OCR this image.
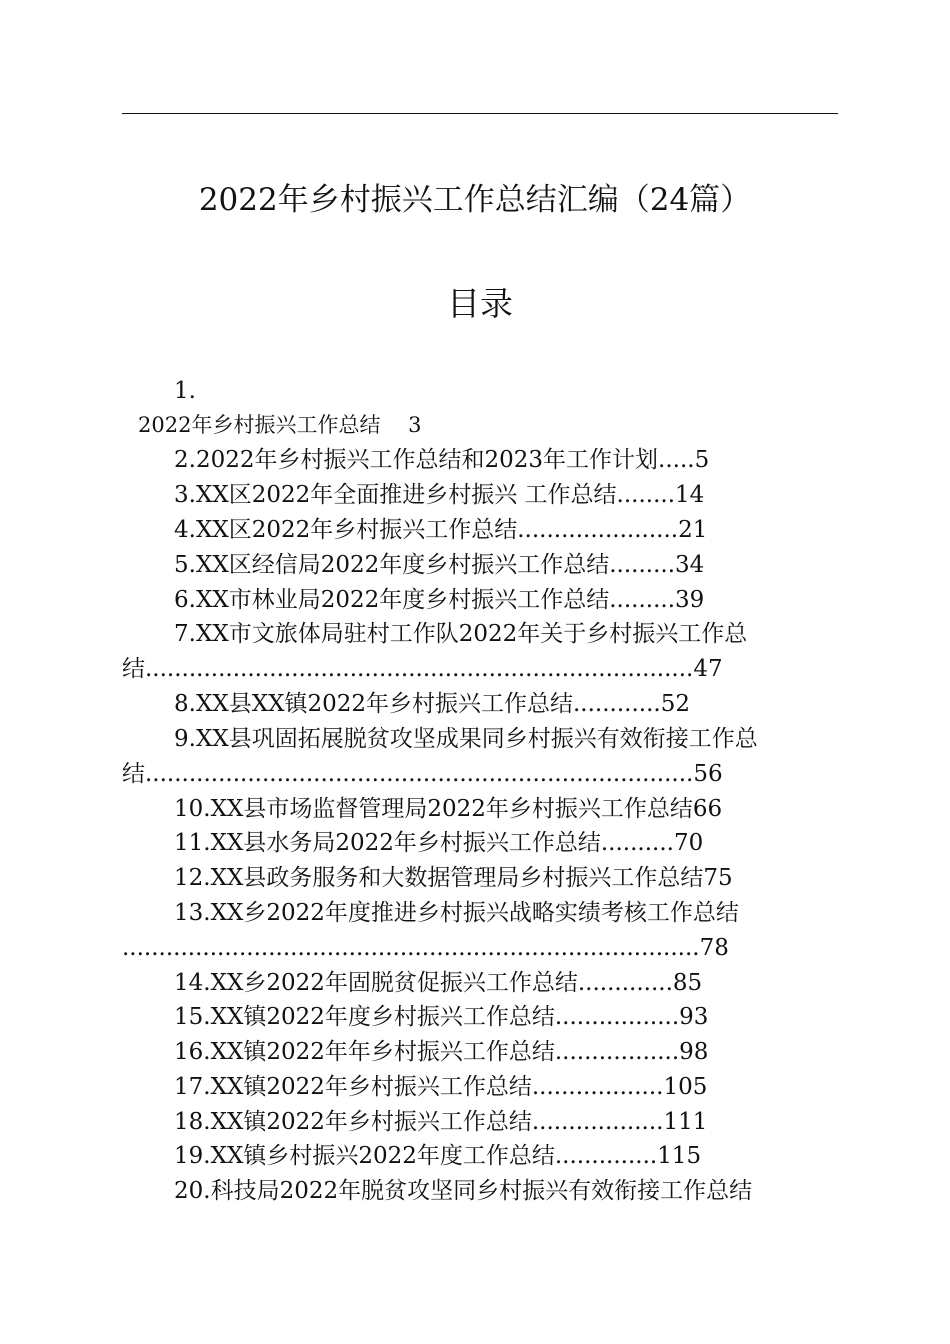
2022年乡村振兴工作总结汇编（24篇）
目录
1.
2022年乡村振兴工作总结　 3
2.2022年乡村振兴工作总结和2023年工作计划.....5
3.XX区2022年全面推进乡村振兴 工作总结........14
4.XX区2022年乡村振兴工作总结......................21
5.XX区经信局2022年度乡村振兴工作总结.........34
6.XX市林业局2022年度乡村振兴工作总结.........39
7.XX市文旅体局驻村工作队2022年关于乡村振兴工作总
结...........................................................................47
8.XX县XX镇2022年乡村振兴工作总结............52
9.XX县巩固拓展脱贫攻坚成果同乡村振兴有效衔接工作总
结...........................................................................56
10.XX县市场监督管理局2022年乡村振兴工作总结66
11.XX县水务局2022年乡村振兴工作总结..........70
12.XX县政务服务和大数据管理局乡村振兴工作总结75
13.XX乡2022年度推进乡村振兴战略实绩考核工作总结
...............................................................................78
14.XX乡2022年固脱贫促振兴工作总结.............85
15.XX镇2022年度乡村振兴工作总结.................93
16.XX镇2022年年乡村振兴工作总结.................98
17.XX镇2022年乡村振兴工作总结..................105
18.XX镇2022年乡村振兴工作总结..................111
19.XX镇乡村振兴2022年度工作总结..............115
20.科技局2022年脱贫攻坚同乡村振兴有效衔接工作总结
